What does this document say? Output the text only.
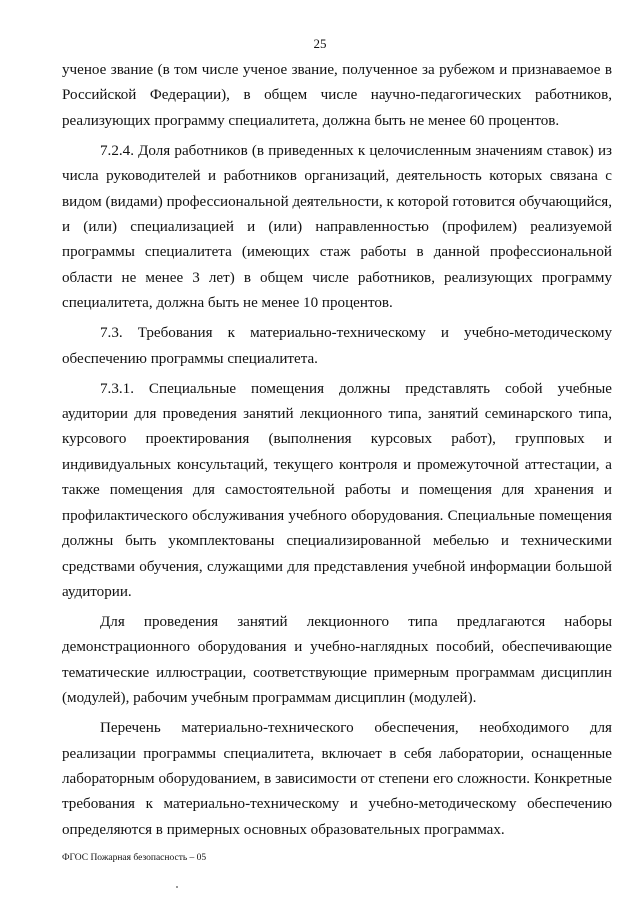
25

ученое звание (в том числе ученое звание, полученное за рубежом и признаваемое в Российской Федерации), в общем числе научно-педагогических работников, реализующих программу специалитета, должна быть не менее 60 процентов.

7.2.4. Доля работников (в приведенных к целочисленным значениям ставок) из числа руководителей и работников организаций, деятельность которых связана с видом (видами) профессиональной деятельности, к которой готовится обучающийся, и (или) специализацией и (или) направленностью (профилем) реализуемой программы специалитета (имеющих стаж работы в данной профессиональной области не менее 3 лет) в общем числе работников, реализующих программу специалитета, должна быть не менее 10 процентов.

7.3. Требования к материально-техническому и учебно-методическому обеспечению программы специалитета.

7.3.1. Специальные помещения должны представлять собой учебные аудитории для проведения занятий лекционного типа, занятий семинарского типа, курсового проектирования (выполнения курсовых работ), групповых и индивидуальных консультаций, текущего контроля и промежуточной аттестации, а также помещения для самостоятельной работы и помещения для хранения и профилактического обслуживания учебного оборудования. Специальные помещения должны быть укомплектованы специализированной мебелью и техническими средствами обучения, служащими для представления учебной информации большой аудитории.

Для проведения занятий лекционного типа предлагаются наборы демонстрационного оборудования и учебно-наглядных пособий, обеспечивающие тематические иллюстрации, соответствующие примерным программам дисциплин (модулей), рабочим учебным программам дисциплин (модулей).

Перечень материально-технического обеспечения, необходимого для реализации программы специалитета, включает в себя лаборатории, оснащенные лабораторным оборудованием, в зависимости от степени его сложности. Конкретные требования к материально-техническому и учебно-методическому обеспечению определяются в примерных основных образовательных программах.

ФГОС Пожарная безопасность – 05
